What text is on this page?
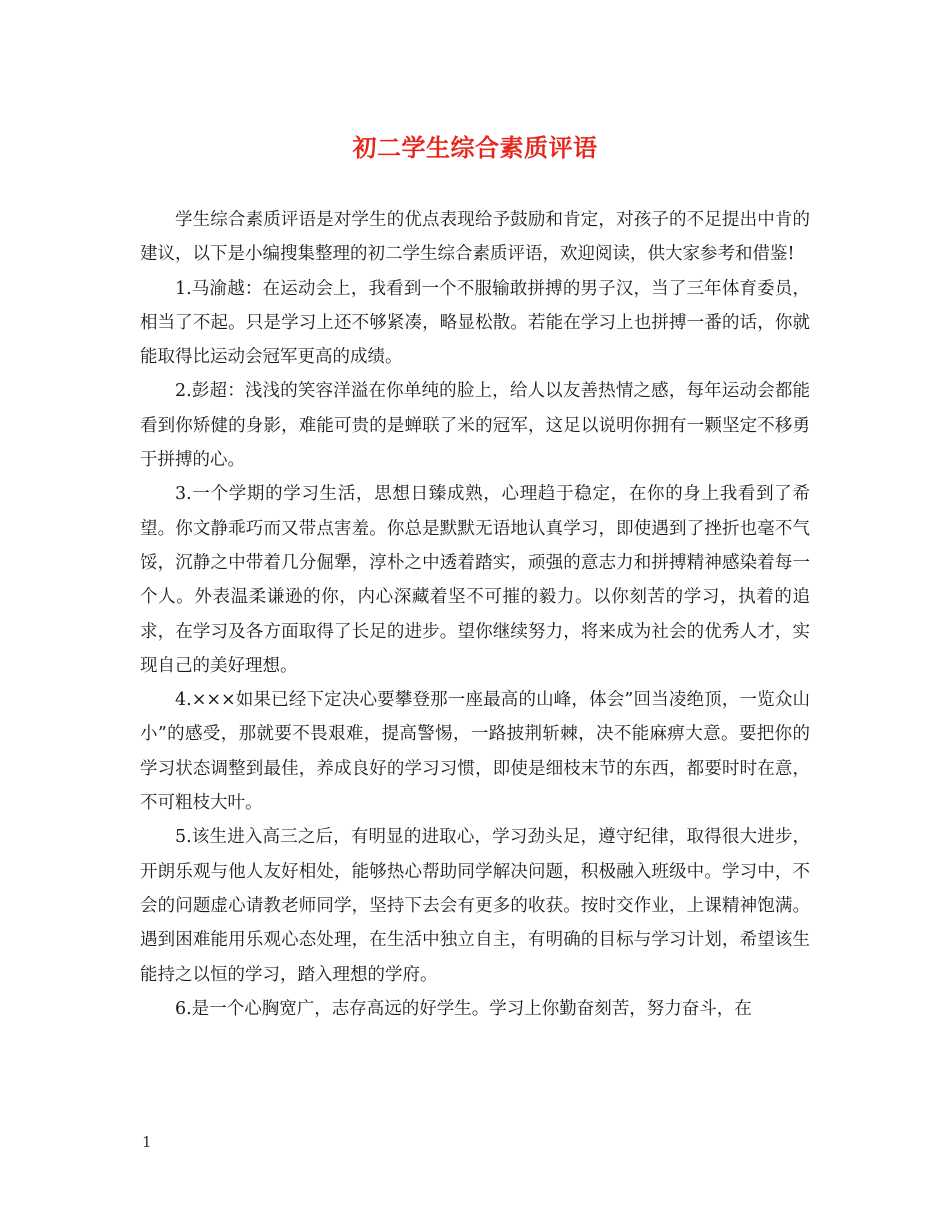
初二学生综合素质评语

学生综合素质评语是对学生的优点表现给予鼓励和肯定，对孩子的不足提出中肯的建议，以下是小编搜集整理的初二学生综合素质评语，欢迎阅读，供大家参考和借鉴!

1.马渝越：在运动会上，我看到一个不服输敢拼搏的男子汉，当了三年体育委员，相当了不起。只是学习上还不够紧凑，略显松散。若能在学习上也拼搏一番的话，你就能取得比运动会冠军更高的成绩。

2.彭超：浅浅的笑容洋溢在你单纯的脸上，给人以友善热情之感，每年运动会都能看到你矫健的身影，难能可贵的是蝉联了米的冠军，这足以说明你拥有一颗坚定不移勇于拼搏的心。

3.一个学期的学习生活，思想日臻成熟，心理趋于稳定，在你的身上我看到了希望。你文静乖巧而又带点害羞。你总是默默无语地认真学习，即使遇到了挫折也毫不气馁，沉静之中带着几分倔犟，淳朴之中透着踏实，顽强的意志力和拼搏精神感染着每一个人。外表温柔谦逊的你，内心深藏着坚不可摧的毅力。以你刻苦的学习，执着的追求，在学习及各方面取得了长足的进步。望你继续努力，将来成为社会的优秀人才，实现自己的美好理想。

4.×××如果已经下定决心要攀登那一座最高的山峰，体会”回当凌绝顶，一览众山小”的感受，那就要不畏艰难，提高警惕，一路披荆斩棘，决不能麻痹大意。要把你的学习状态调整到最佳，养成良好的学习习惯，即使是细枝末节的东西，都要时时在意，不可粗枝大叶。

5.该生进入高三之后，有明显的进取心，学习劲头足，遵守纪律，取得很大进步，开朗乐观与他人友好相处，能够热心帮助同学解决问题，积极融入班级中。学习中，不会的问题虚心请教老师同学，坚持下去会有更多的收获。按时交作业，上课精神饱满。遇到困难能用乐观心态处理，在生活中独立自主，有明确的目标与学习计划，希望该生能持之以恒的学习，踏入理想的学府。

6.是一个心胸宽广，志存高远的好学生。学习上你勤奋刻苦，努力奋斗，在

1
